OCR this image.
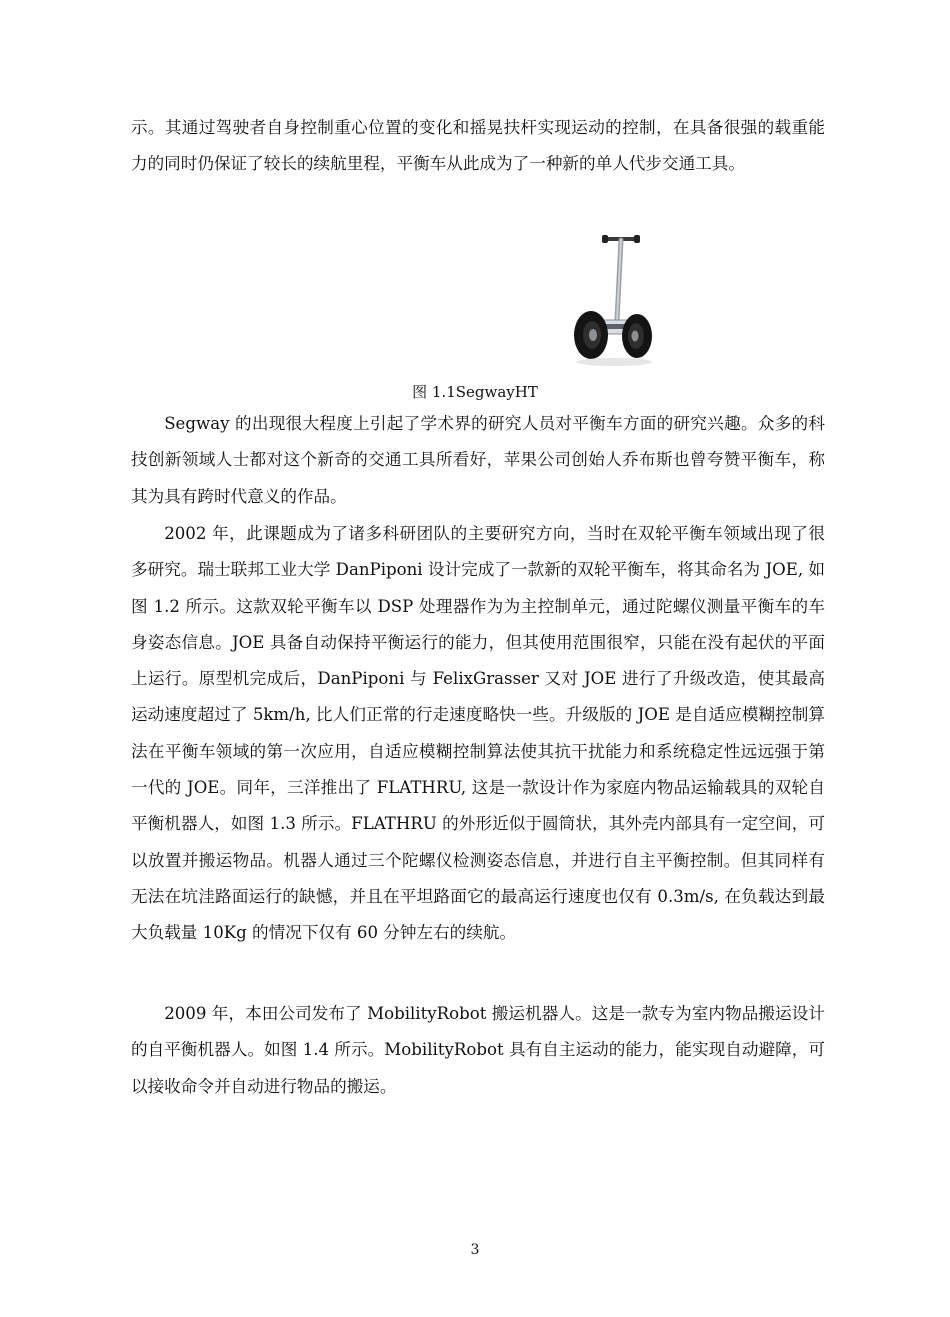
示。其通过驾驶者自身控制重心位置的变化和摇晃扶杆实现运动的控制，在具备很强的载重能力的同时仍保证了较长的续航里程，平衡车从此成为了一种新的单人代步交通工具。

图 1.1SegwayHT

Segway 的出现很大程度上引起了学术界的研究人员对平衡车方面的研究兴趣。众多的科技创新领域人士都对这个新奇的交通工具所看好，苹果公司创始人乔布斯也曾夸赞平衡车，称其为具有跨时代意义的作品。

2002 年，此课题成为了诸多科研团队的主要研究方向，当时在双轮平衡车领域出现了很多研究。瑞士联邦工业大学 DanPiponi 设计完成了一款新的双轮平衡车，将其命名为 JOE, 如图 1.2 所示。这款双轮平衡车以 DSP 处理器作为为主控制单元，通过陀螺仪测量平衡车的车身姿态信息。JOE 具备自动保持平衡运行的能力，但其使用范围很窄，只能在没有起伏的平面上运行。原型机完成后，DanPiponi 与 FelixGrasser 又对 JOE 进行了升级改造，使其最高运动速度超过了 5km/h, 比人们正常的行走速度略快一些。升级版的 JOE 是自适应模糊控制算法在平衡车领域的第一次应用，自适应模糊控制算法使其抗干扰能力和系统稳定性远远强于第一代的 JOE。同年，三洋推出了 FLATHRU, 这是一款设计作为家庭内物品运输载具的双轮自平衡机器人，如图 1.3 所示。FLATHRU 的外形近似于圆筒状，其外壳内部具有一定空间，可以放置并搬运物品。机器人通过三个陀螺仪检测姿态信息，并进行自主平衡控制。但其同样有无法在坑洼路面运行的缺憾，并且在平坦路面它的最高运行速度也仅有 0.3m/s, 在负载达到最大负载量 10Kg 的情况下仅有 60 分钟左右的续航。

2009 年，本田公司发布了 MobilityRobot 搬运机器人。这是一款专为室内物品搬运设计的自平衡机器人。如图 1.4 所示。MobilityRobot 具有自主运动的能力，能实现自动避障，可以接收命令并自动进行物品的搬运。

3
